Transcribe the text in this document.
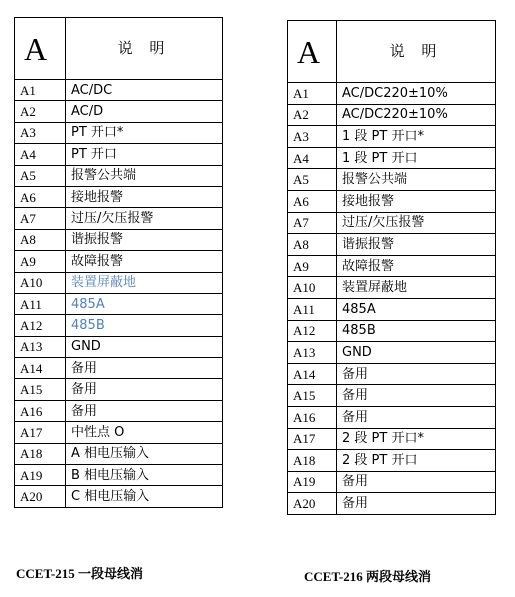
A	说 明
A1	AC/DC
A2	AC/D
A3	PT 开口*
A4	PT 开口
A5	报警公共端
A6	接地报警
A7	过压/欠压报警
A8	谐振报警
A9	故障报警
A10	装置屏蔽地
A11	485A
A12	485B
A13	GND
A14	备用
A15	备用
A16	备用
A17	中性点 O
A18	A 相电压输入
A19	B 相电压输入
A20	C 相电压输入
A	说 明
A1	AC/DC220±10%
A2	AC/DC220±10%
A3	1 段 PT 开口*
A4	1 段 PT 开口
A5	报警公共端
A6	接地报警
A7	过压/欠压报警
A8	谐振报警
A9	故障报警
A10	装置屏蔽地
A11	485A
A12	485B
A13	GND
A14	备用
A15	备用
A16	备用
A17	2 段 PT 开口*
A18	2 段 PT 开口
A19	备用
A20	备用
CCET-215 一段母线消	CCET-216 两段母线消
